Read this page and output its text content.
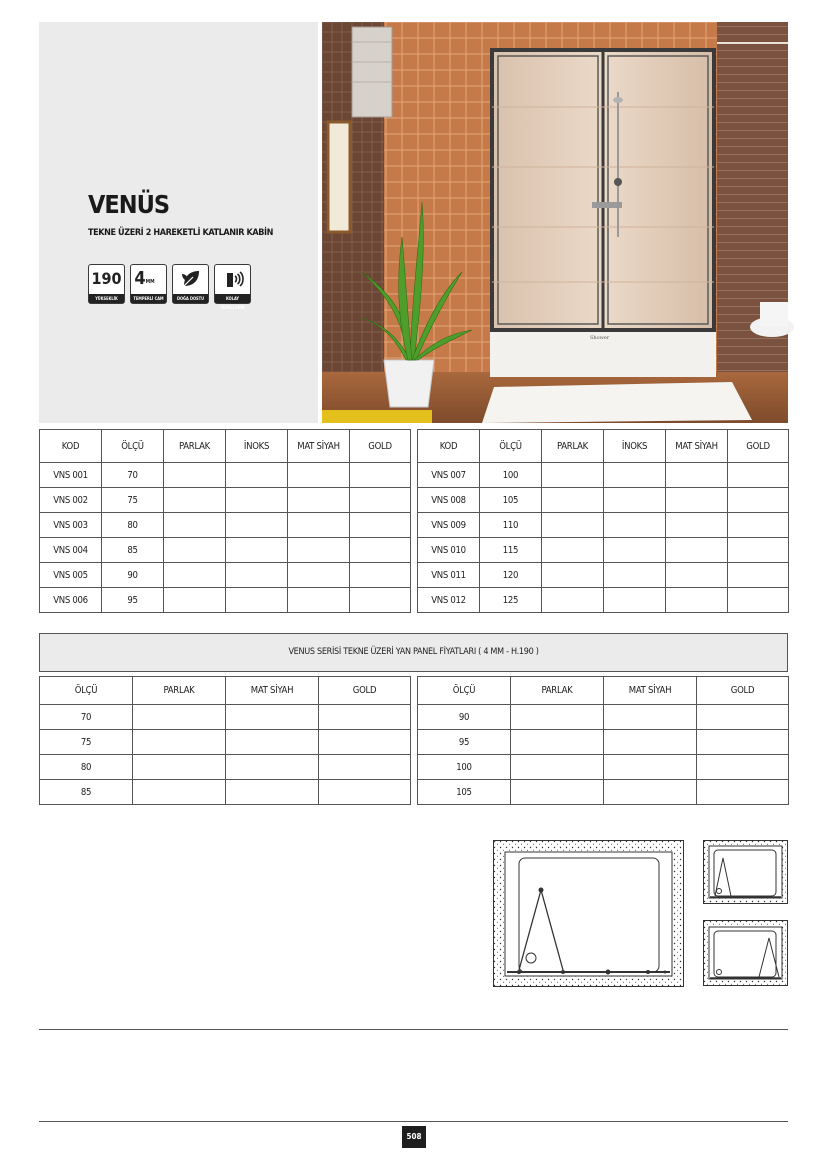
VENÜS
TEKNE ÜZERİ 2 HAREKETLİ KATLANIR KABİN
190
YÜKSEKLİK
4MM
TEMPERLİ CAM	DOĞA DOSTU	KOLAY TEMİZLENİR
Shower
KOD	ÖLÇÜ	PARLAK	İNOKS	MAT SİYAH	GOLD
VNS 001	70				
VNS 002	75				
VNS 003	80				
VNS 004	85				
VNS 005	90				
VNS 006	95				
KOD	ÖLÇÜ	PARLAK	İNOKS	MAT SİYAH	GOLD
VNS 007	100				
VNS 008	105				
VNS 009	110				
VNS 010	115				
VNS 011	120				
VNS 012	125				
VENUS SERİSİ TEKNE ÜZERİ YAN PANEL FİYATLARI ( 4 MM - H.190 )
ÖLÇÜ	PARLAK	MAT SİYAH	GOLD
70			
75			
80			
85			
ÖLÇÜ	PARLAK	MAT SİYAH	GOLD
90			
95			
100			
105			
508
